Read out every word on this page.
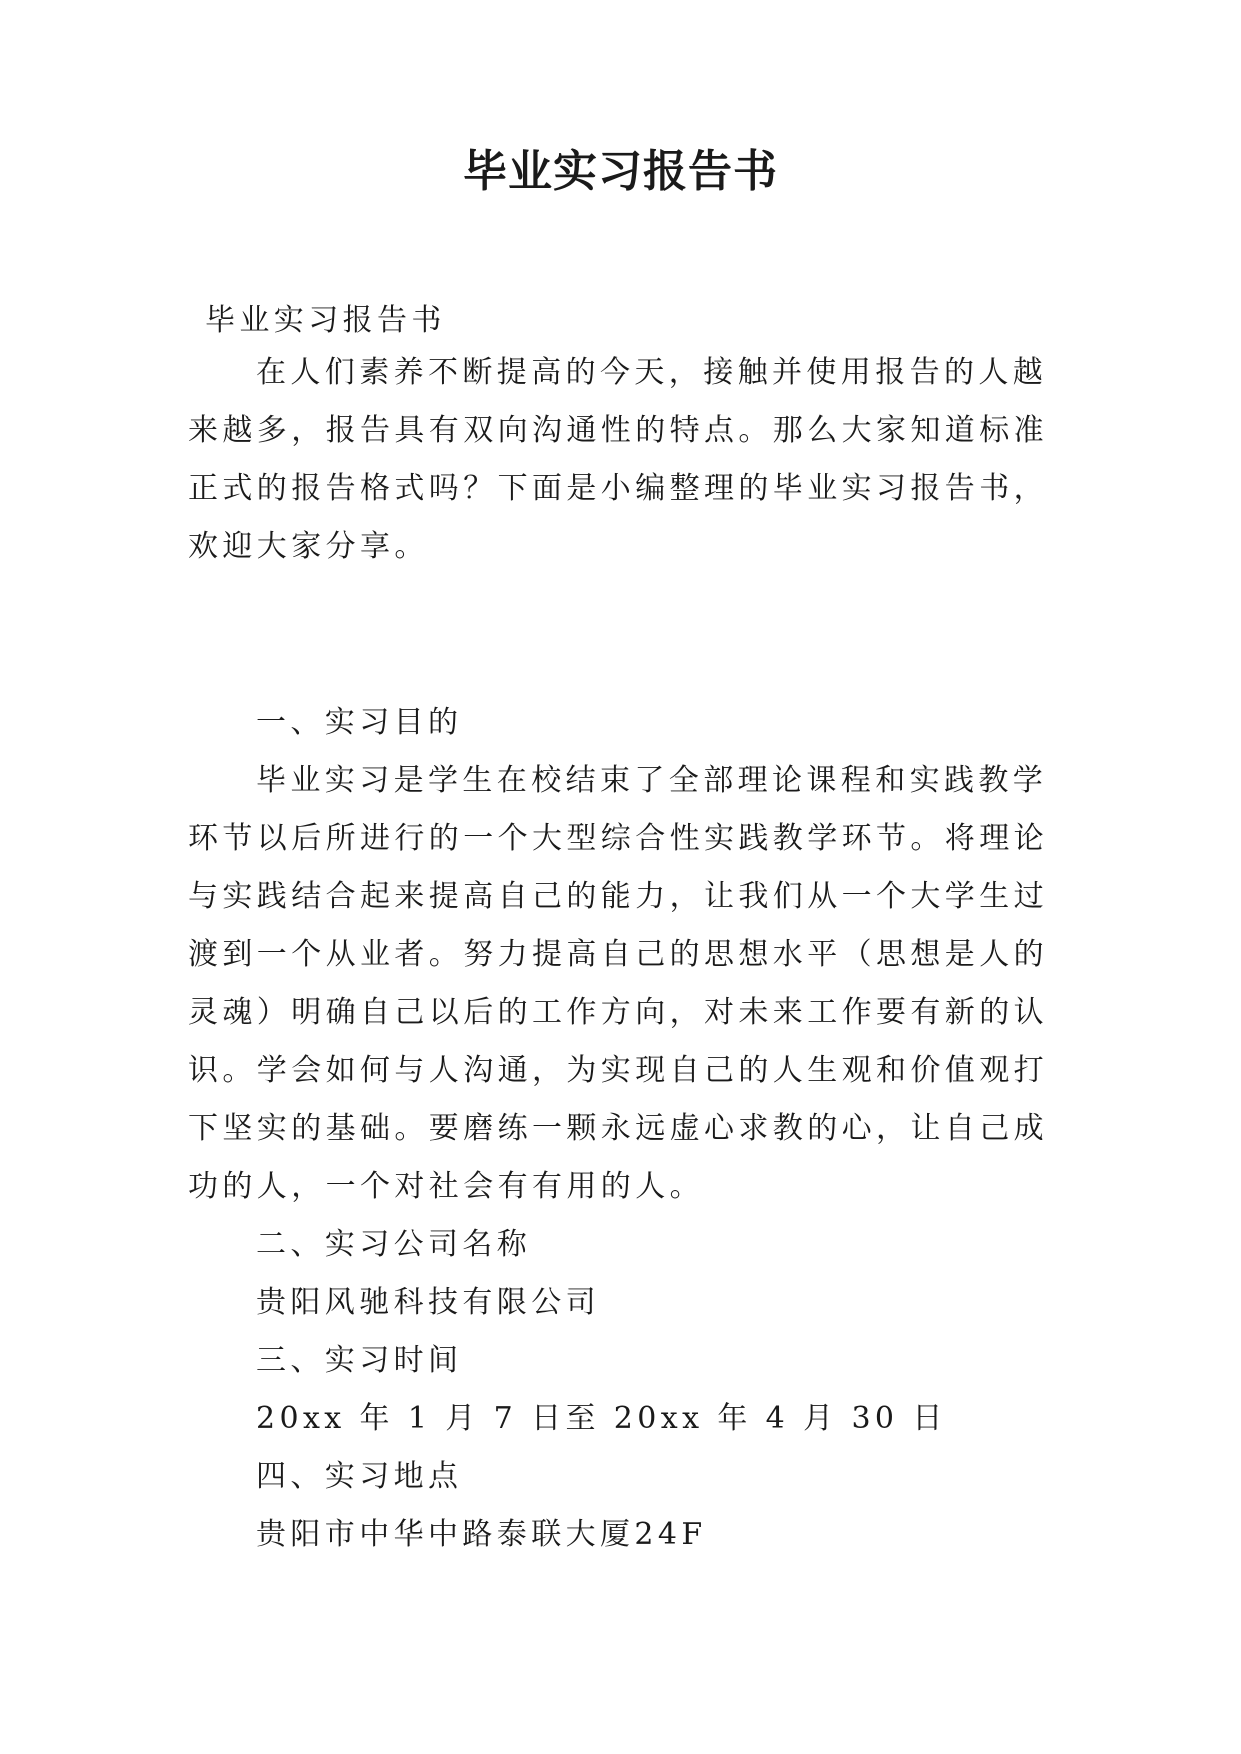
毕业实习报告书

毕业实习报告书

在人们素养不断提高的今天，接触并使用报告的人越来越多，报告具有双向沟通性的特点。那么大家知道标准正式的报告格式吗？下面是小编整理的毕业实习报告书，欢迎大家分享。

一、实习目的

毕业实习是学生在校结束了全部理论课程和实践教学环节以后所进行的一个大型综合性实践教学环节。将理论与实践结合起来提高自己的能力，让我们从一个大学生过渡到一个从业者。努力提高自己的思想水平（思想是人的灵魂）明确自己以后的工作方向，对未来工作要有新的认识。学会如何与人沟通，为实现自己的人生观和价值观打下坚实的基础。要磨练一颗永远虚心求教的心，让自己成功的人，一个对社会有有用的人。

二、实习公司名称

贵阳风驰科技有限公司

三、实习时间

20xx 年 1 月 7 日至 20xx 年 4 月 30 日

四、实习地点

贵阳市中华中路泰联大厦24F
